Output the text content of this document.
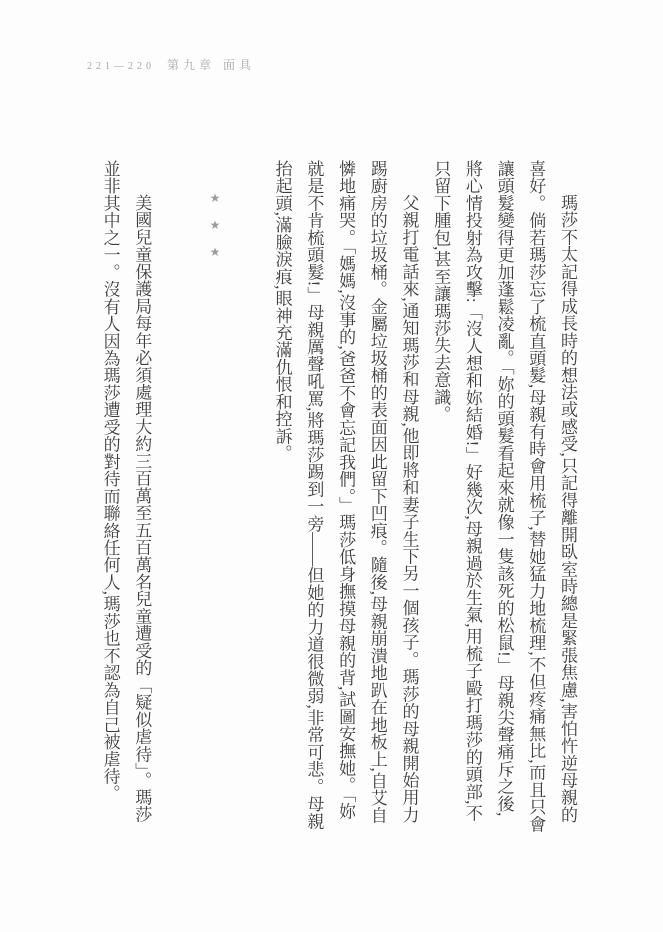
221—220 第九章 面具

瑪莎不太記得成長時的想法或感受,只記得離開臥室時總是緊張焦慮,害怕忤逆母親的喜好。倘若瑪莎忘了梳直頭髮,母親有時會用梳子,替她猛力地梳理,不但疼痛無比,而且只會讓頭髮變得更加蓬鬆凌亂。「妳的頭髮看起來就像一隻該死的松鼠!」母親尖聲痛斥之後,將心情投射為攻擊:「沒人想和妳結婚!」好幾次,母親過於生氣,用梳子毆打瑪莎的頭部,不只留下腫包,甚至讓瑪莎失去意識。

父親打電話來,通知瑪莎和母親,他即將和妻子生下另一個孩子。瑪莎的母親開始用力踢廚房的垃圾桶。金屬垃圾桶的表面因此留下凹痕。隨後,母親崩潰地趴在地板上,自艾自憐地痛哭。「媽媽,沒事的,爸爸不會忘記我們。」瑪莎低身撫摸母親的背,試圖安撫她。「妳就是不肯梳頭髮!」母親厲聲吼罵,將瑪莎踢到一旁——但她的力道很微弱,非常可悲。母親抬起頭,滿臉淚痕,眼神充滿仇恨和控訴。

★★★

美國兒童保護局每年必須處理大約三百萬至五百萬名兒童遭受的「疑似虐待」。瑪莎並非其中之一。沒有人因為瑪莎遭受的對待而聯絡任何人,瑪莎也不認為自己被虐待。
